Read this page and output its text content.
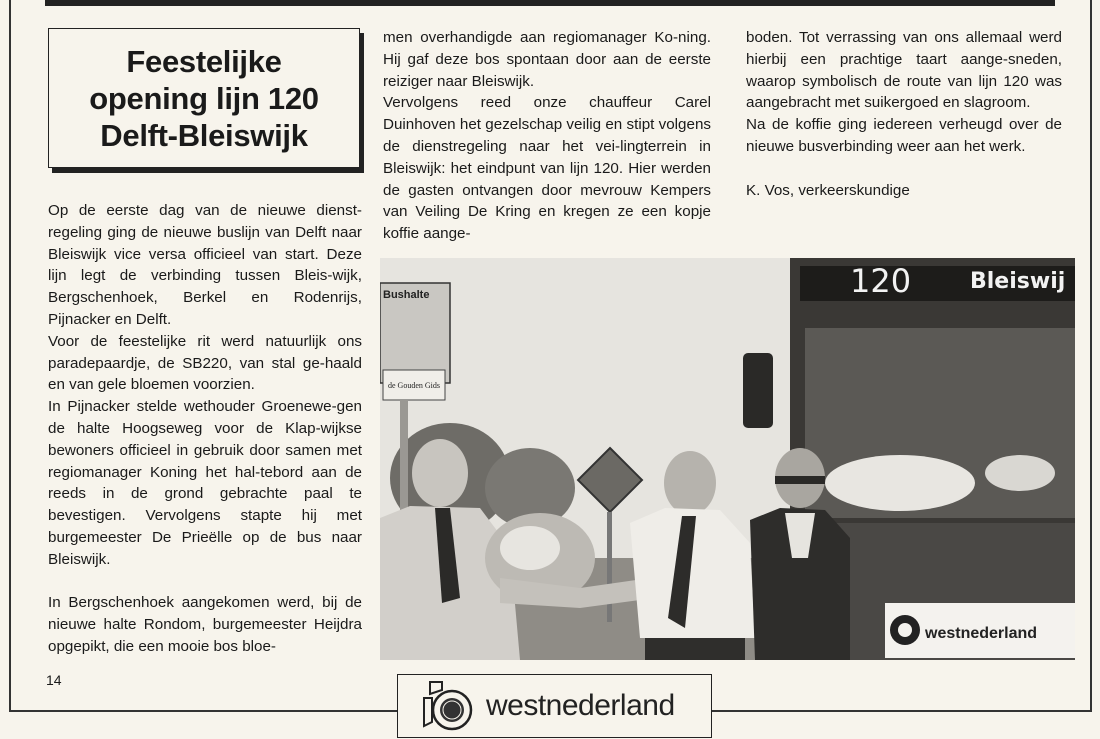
Feestelijke
opening lijn 120
Delft-Bleiswijk

Op de eerste dag van de nieuwe dienst-regeling ging de nieuwe buslijn van Delft naar Bleiswijk vice versa officieel van start. Deze lijn legt de verbinding tussen Bleis-wijk, Bergschenhoek, Berkel en Rodenrijs, Pijnacker en Delft.

Voor de feestelijke rit werd natuurlijk ons paradepaardje, de SB220, van stal ge-haald en van gele bloemen voorzien.

In Pijnacker stelde wethouder Groenewe-gen de halte Hoogseweg voor de Klap-wijkse bewoners officieel in gebruik door samen met regiomanager Koning het hal-tebord aan de reeds in de grond gebrachte paal te bevestigen. Vervolgens stapte hij met burgemeester De Prieëlle op de bus naar Bleiswijk.

In Bergschenhoek aangekomen werd, bij de nieuwe halte Rondom, burgemeester Heijdra opgepikt, die een mooie bos bloe-

men overhandigde aan regiomanager Ko-ning. Hij gaf deze bos spontaan door aan de eerste reiziger naar Bleiswijk.

Vervolgens reed onze chauffeur Carel Duinhoven het gezelschap veilig en stipt volgens de dienstregeling naar het vei-lingterrein in Bleiswijk: het eindpunt van lijn 120. Hier werden de gasten ontvangen door mevrouw Kempers van Veiling De Kring en kregen ze een kopje koffie aange-

boden. Tot verrassing van ons allemaal werd hierbij een prachtige taart aange-sneden, waarop symbolisch de route van lijn 120 was aangebracht met suikergoed en slagroom.

Na de koffie ging iedereen verheugd over de nieuwe busverbinding weer aan het werk.

K. Vos, verkeerskundige

Bushalte
de Gouden Gids
120	Bleiswij
westnederland
14
westnederland
